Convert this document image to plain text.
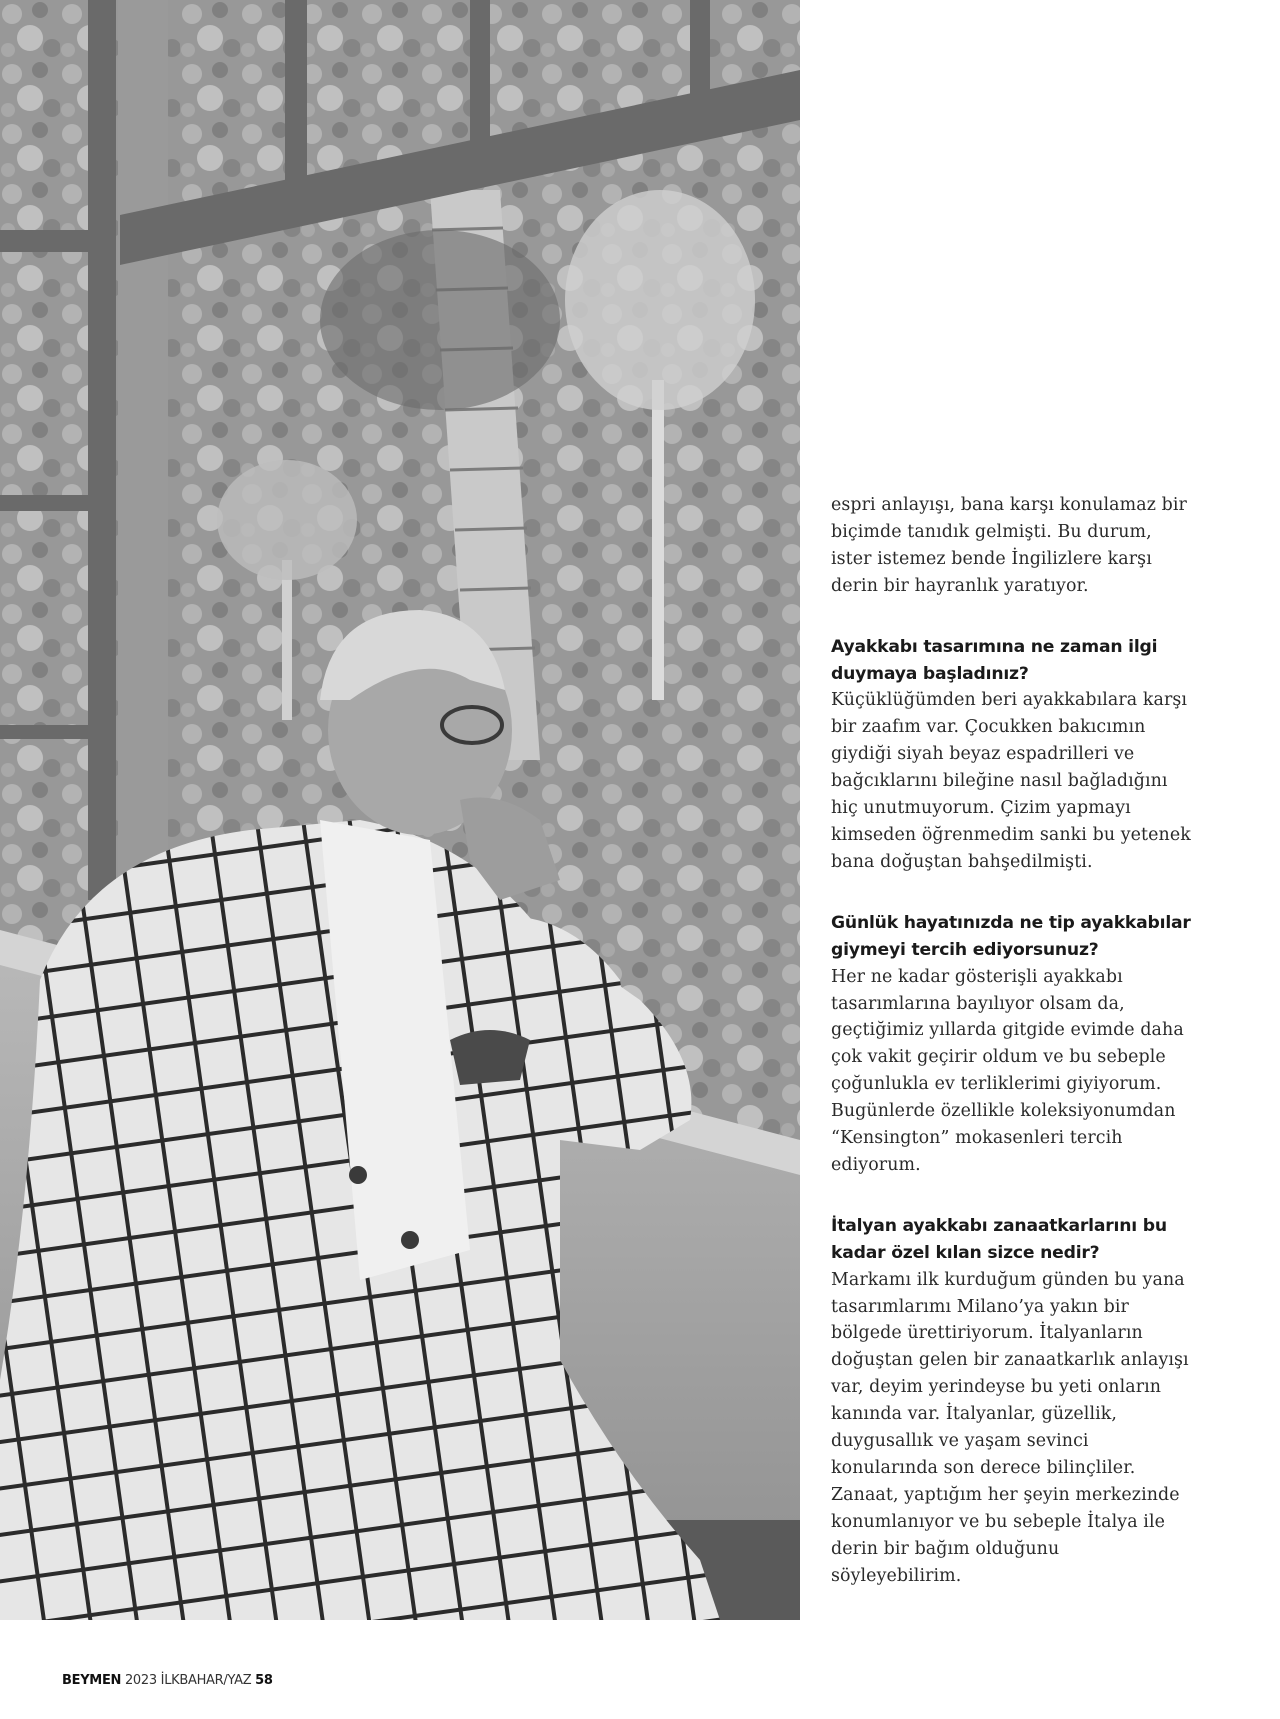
espri anlayışı, bana karşı konulamaz bir biçimde tanıdık gelmişti. Bu durum, ister istemez bende İngilizlere karşı derin bir hayranlık yaratıyor.

Ayakkabı tasarımına ne zaman ilgi duymaya başladınız?

Küçüklüğümden beri ayakkabılara karşı bir zaafım var. Çocukken bakıcımın giydiği siyah beyaz espadrilleri ve bağcıklarını bileğine nasıl bağladığını hiç unutmuyorum. Çizim yapmayı kimseden öğrenmedim sanki bu yetenek bana doğuştan bahşedilmişti.

Günlük hayatınızda ne tip ayakkabılar giymeyi tercih ediyorsunuz?

Her ne kadar gösterişli ayakkabı tasarımlarına bayılıyor olsam da, geçtiğimiz yıllarda gitgide evimde daha çok vakit geçirir oldum ve bu sebeple çoğunlukla ev terliklerimi giyiyorum. Bugünlerde özellikle koleksiyonumdan “Kensington” mokasenleri tercih ediyorum.

İtalyan ayakkabı zanaatkarlarını bu kadar özel kılan sizce nedir?

Markamı ilk kurduğum günden bu yana tasarımlarımı Milano’ya yakın bir bölgede ürettiriyorum. İtalyanların doğuştan gelen bir zanaatkarlık anlayışı var, deyim yerindeyse bu yeti onların kanında var. İtalyanlar, güzellik, duygusallık ve yaşam sevinci konularında son derece bilinçliler. Zanaat, yaptığım her şeyin merkezinde konumlanıyor ve bu sebeple İtalya ile derin bir bağım olduğunu söyleyebilirim.

BEYMEN 2023 İLKBAHAR/YAZ 58
